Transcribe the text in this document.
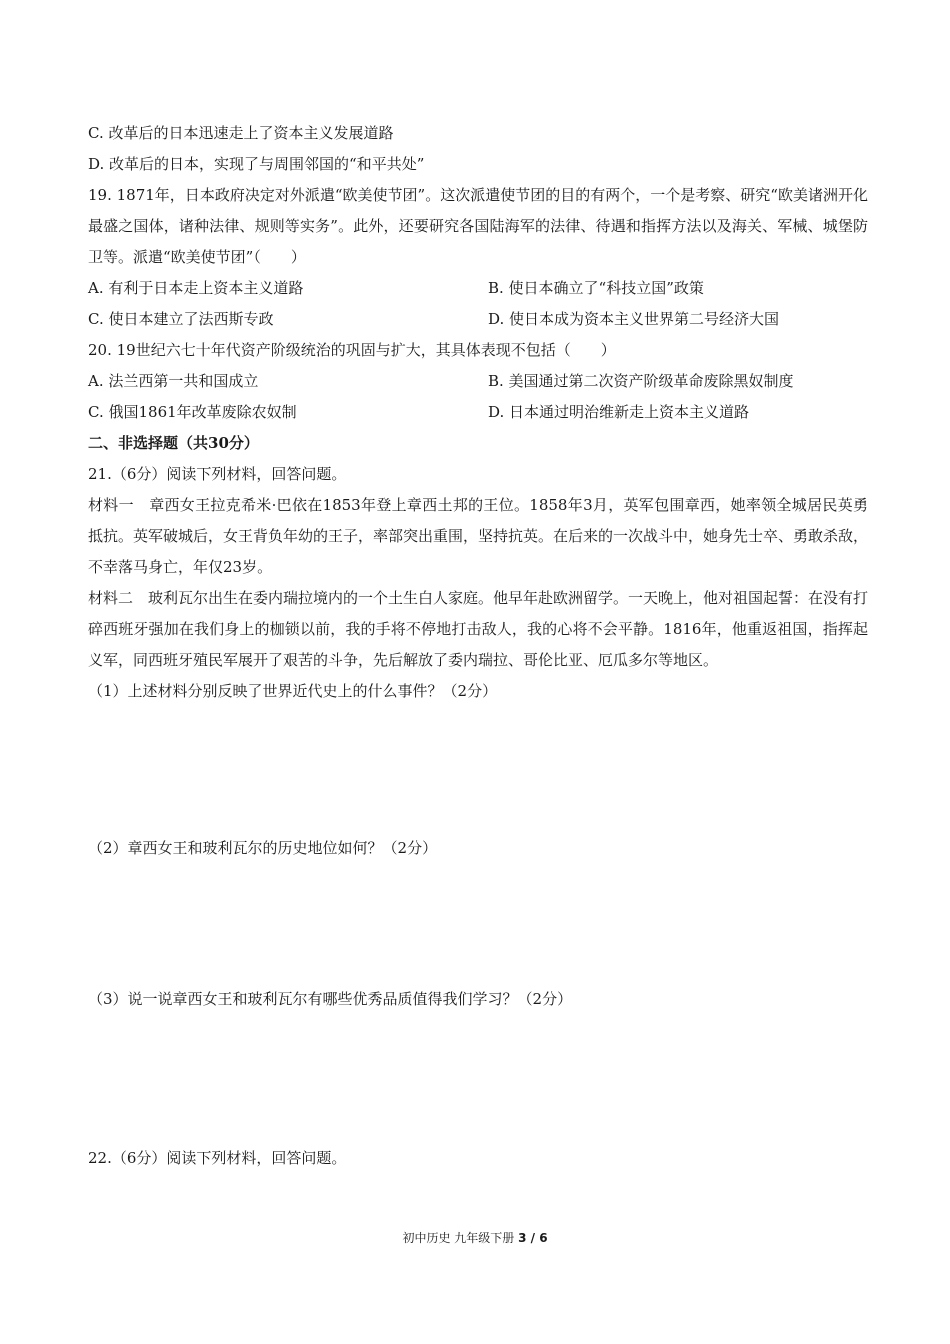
C. 改革后的日本迅速走上了资本主义发展道路
D. 改革后的日本，实现了与周围邻国的“和平共处”
19. 1871年，日本政府决定对外派遣“欧美使节团”。这次派遣使节团的目的有两个，一个是考察、研究“欧美诸洲开化最盛之国体，诸种法律、规则等实务”。此外，还要研究各国陆海军的法律、待遇和指挥方法以及海关、军械、城堡防卫等。派遣“欧美使节团”（　　）
A. 有利于日本走上资本主义道路	B. 使日本确立了“科技立国”政策
C. 使日本建立了法西斯专政	D. 使日本成为资本主义世界第二号经济大国
20. 19世纪六七十年代资产阶级统治的巩固与扩大，其具体表现不包括（　　）
A. 法兰西第一共和国成立	B. 美国通过第二次资产阶级革命废除黑奴制度
C. 俄国1861年改革废除农奴制	D. 日本通过明治维新走上资本主义道路
二、非选择题（共30分）
21.（6分）阅读下列材料，回答问题。
材料一　章西女王拉克希米·巴依在1853年登上章西土邦的王位。1858年3月，英军包围章西，她率领全城居民英勇抵抗。英军破城后，女王背负年幼的王子，率部突出重围，坚持抗英。在后来的一次战斗中，她身先士卒、勇敢杀敌，不幸落马身亡，年仅23岁。
材料二　玻利瓦尔出生在委内瑞拉境内的一个土生白人家庭。他早年赴欧洲留学。一天晚上，他对祖国起誓：在没有打碎西班牙强加在我们身上的枷锁以前，我的手将不停地打击敌人，我的心将不会平静。1816年，他重返祖国，指挥起义军，同西班牙殖民军展开了艰苦的斗争，先后解放了委内瑞拉、哥伦比亚、厄瓜多尔等地区。
（1）上述材料分别反映了世界近代史上的什么事件？（2分）
（2）章西女王和玻利瓦尔的历史地位如何？（2分）
（3）说一说章西女王和玻利瓦尔有哪些优秀品质值得我们学习？（2分）
22.（6分）阅读下列材料，回答问题。
初中历史 九年级下册 3 / 6
